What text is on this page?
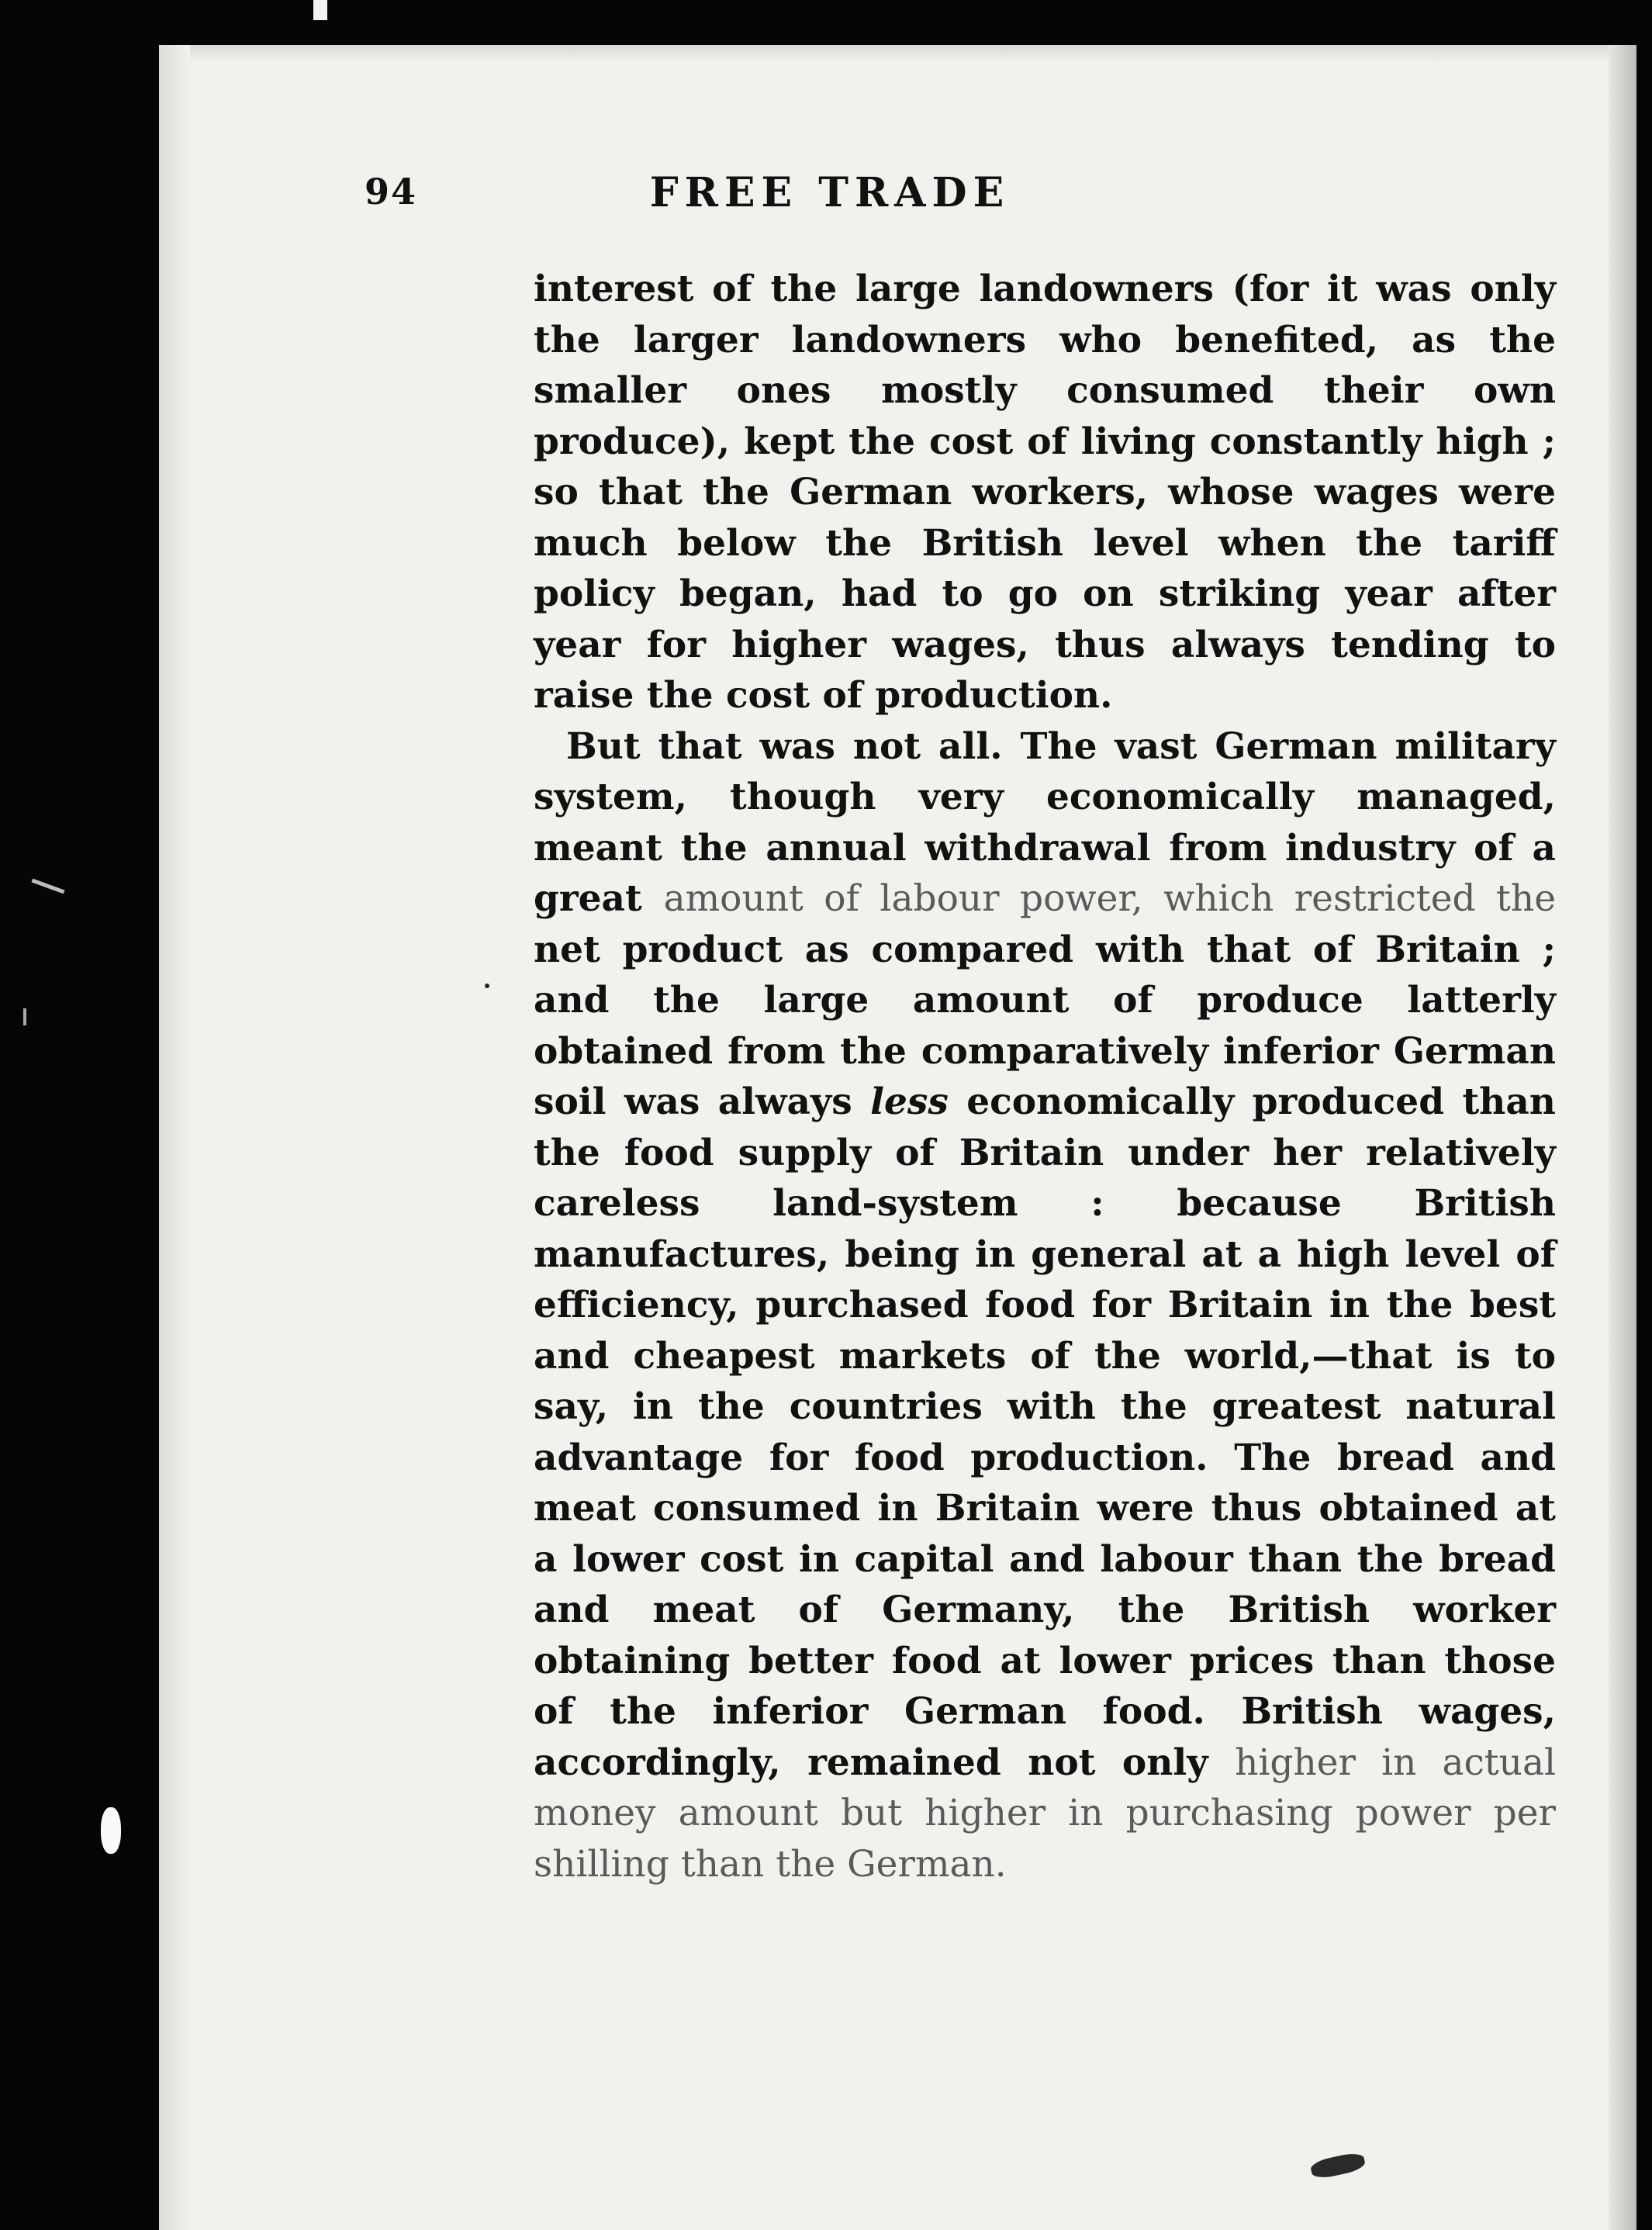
94	FREE TRADE

interest of the large landowners (for it was only the larger landowners who benefited, as the smaller ones mostly consumed their own produce), kept the cost of living constantly high ; so that the German workers, whose wages were much below the British level when the tariff policy began, had to go on striking year after year for higher wages, thus always tending to raise the cost of production.

But that was not all. The vast German military system, though very economically managed, meant the annual withdrawal from industry of a great amount of labour power, which restricted the net product as compared with that of Britain ; and the large amount of produce latterly obtained from the comparatively inferior German soil was always less economically produced than the food supply of Britain under her relatively careless land-system : because British manufactures, being in general at a high level of efficiency, purchased food for Britain in the best and cheapest markets of the world,—that is to say, in the countries with the greatest natural advantage for food production. The bread and meat consumed in Britain were thus obtained at a lower cost in capital and labour than the bread and meat of Germany, the British worker obtaining better food at lower prices than those of the inferior German food. British wages, accordingly, remained not only higher in actual money amount but higher in purchasing power per shilling than the German.
